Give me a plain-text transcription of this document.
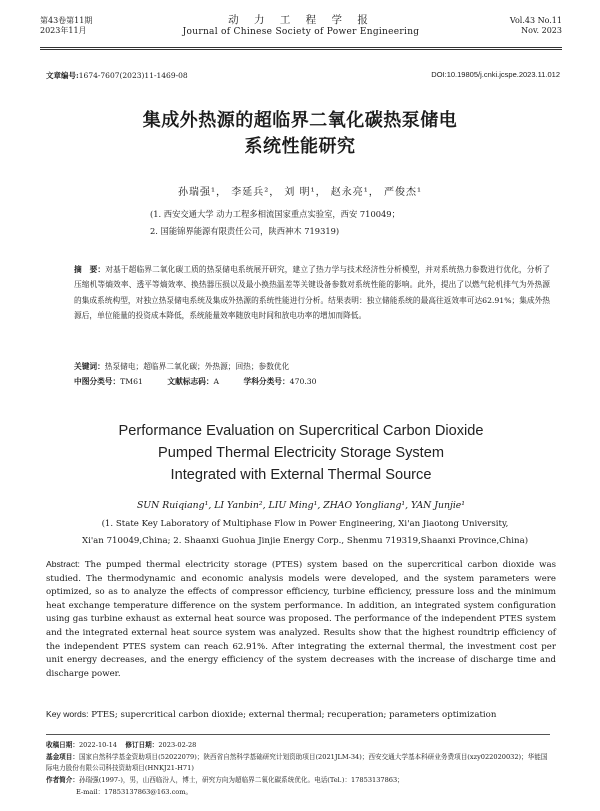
第43卷第11期
2023年11月
动 力 工 程 学 报
Journal of Chinese Society of Power Engineering
Vol.43 No.11
Nov. 2023
文章编号:1674-7607(2023)11-1469-08	DOI:10.19805/j.cnki.jcspe.2023.11.012
集成外热源的超临界二氧化碳热泵储电
系统性能研究
孙瑞强¹， 李延兵²， 刘 明¹， 赵永亮¹， 严俊杰¹
(1. 西安交通大学 动力工程多相流国家重点实验室，西安 710049；
2. 国能锦界能源有限责任公司，陕西神木 719319)
摘　要：对基于超临界二氧化碳工质的热泵储电系统展开研究，建立了热力学与技术经济性分析模型，并对系统热力参数进行优化，分析了压缩机等熵效率、透平等熵效率、换热器压损以及最小换热温差等关键设备参数对系统性能的影响。此外，提出了以燃气轮机排气为外热源的集成系统构型，对独立热泵储电系统及集成外热源的系统性能进行分析。结果表明：独立储能系统的最高往返效率可达62.91%；集成外热源后，单位能量的投资成本降低，系统能量效率随放电时间和放电功率的增加而降低。
关键词：热泵储电；超临界二氧化碳；外热源；回热；参数优化
中图分类号：TM61	文献标志码：A	学科分类号：470.30
Performance Evaluation on Supercritical Carbon Dioxide
Pumped Thermal Electricity Storage System
Integrated with External Thermal Source
SUN Ruiqiang¹, LI Yanbin², LIU Ming¹, ZHAO Yongliang¹, YAN Junjie¹
(1. State Key Laboratory of Multiphase Flow in Power Engineering, Xi'an Jiaotong University,
Xi'an 710049,China; 2. Shaanxi Guohua Jinjie Energy Corp., Shenmu 719319,Shaanxi Province,China)
Abstract: The pumped thermal electricity storage (PTES) system based on the supercritical carbon dioxide was studied. The thermodynamic and economic analysis models were developed, and the system parameters were optimized, so as to analyze the effects of compressor efficiency, turbine efficiency, pressure loss and the minimum heat exchange temperature difference on the system performance. In addition, an integrated system configuration using gas turbine exhaust as external heat source was proposed. The performance of the independent PTES system and the integrated external heat source system was analyzed. Results show that the highest roundtrip efficiency of the independent PTES system can reach 62.91%. After integrating the external thermal, the investment cost per unit energy decreases, and the energy efficiency of the system decreases with the increase of discharge time and discharge power.
Key words: PTES; supercritical carbon dioxide; external thermal; recuperation; parameters optimization
收稿日期：2022-10-14 修订日期：2023-02-28
基金项目：国家自然科学基金资助项目(52022079)；陕西省自然科学基础研究计划资助项目(2021JLM-34)；西安交通大学基本科研业务费项目(xzy022020032)；华能国际电力股份有限公司科技资助项目(HNKJ21-H71)
作者简介：孙瑞强(1997-)，男，山西临汾人，博士，研究方向为超临界二氧化碳系统优化。电话(Tel.)：17853137863；
E-mail：17853137863@163.com。
